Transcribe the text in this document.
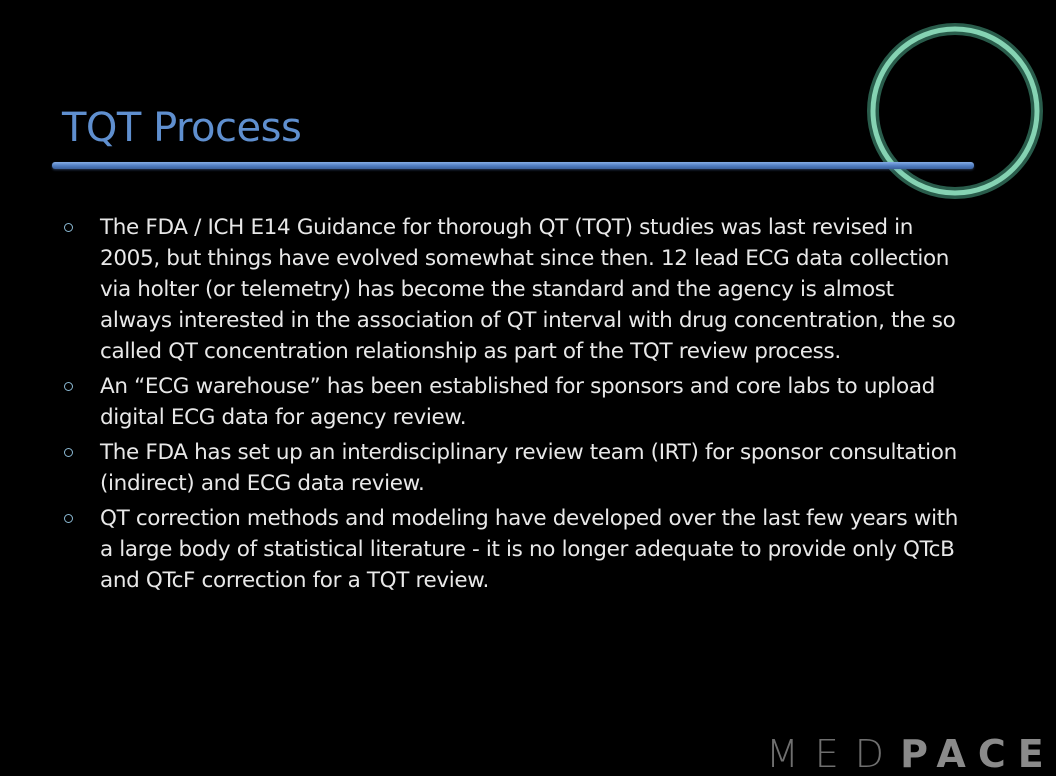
TQT Process
The FDA / ICH E14 Guidance for thorough QT (TQT) studies was last revised in 2005, but things have evolved somewhat since then. 12 lead ECG data collection via holter (or telemetry) has become the standard and the agency is almost always interested in the association of QT interval with drug concentration, the so called QT concentration relationship as part of the TQT review process.
An “ECG warehouse” has been established for sponsors and core labs to upload digital ECG data for agency review.
The FDA has set up an interdisciplinary review team (IRT) for sponsor consultation (indirect) and ECG data review.
QT correction methods and modeling have developed over the last few years with a large body of statistical literature - it is no longer adequate to provide only QTcB and QTcF correction for a TQT review.
MED PACE
